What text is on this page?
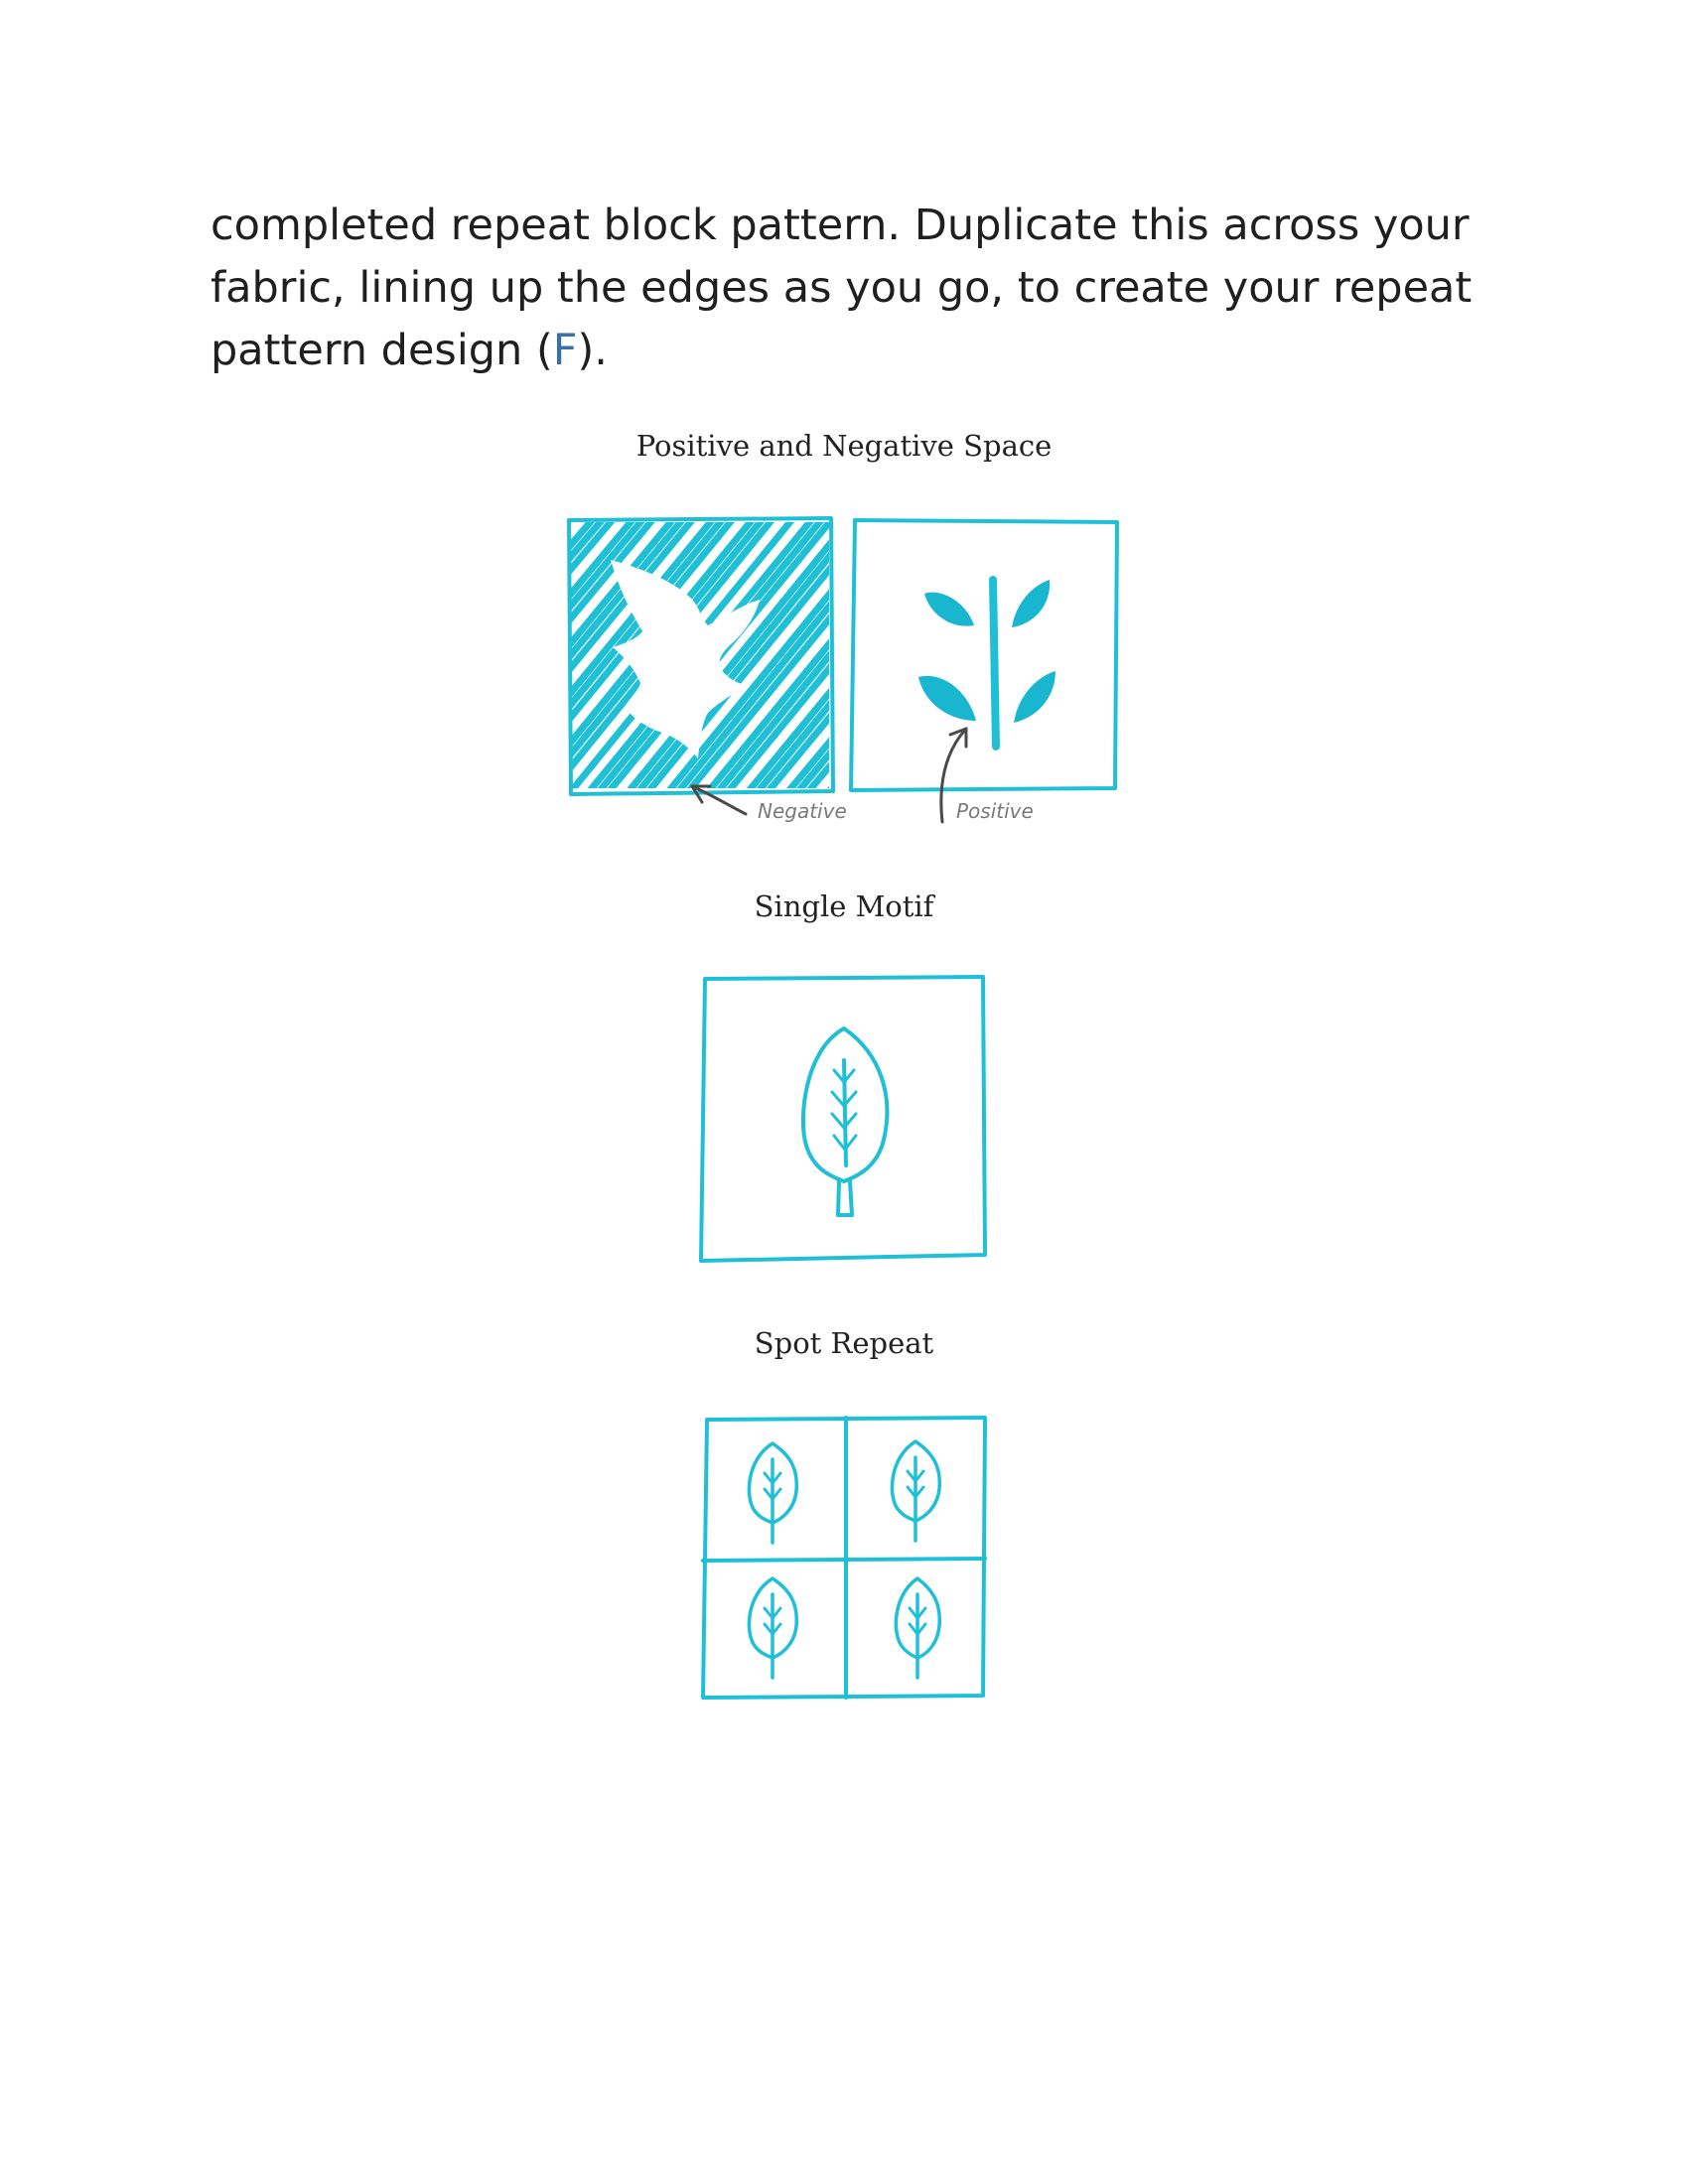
completed repeat block pattern. Duplicate this across your fabric, lining up the edges as you go, to create your repeat pattern design (F).

Positive and Negative Space

Negative	Positive

Single Motif

Spot Repeat
